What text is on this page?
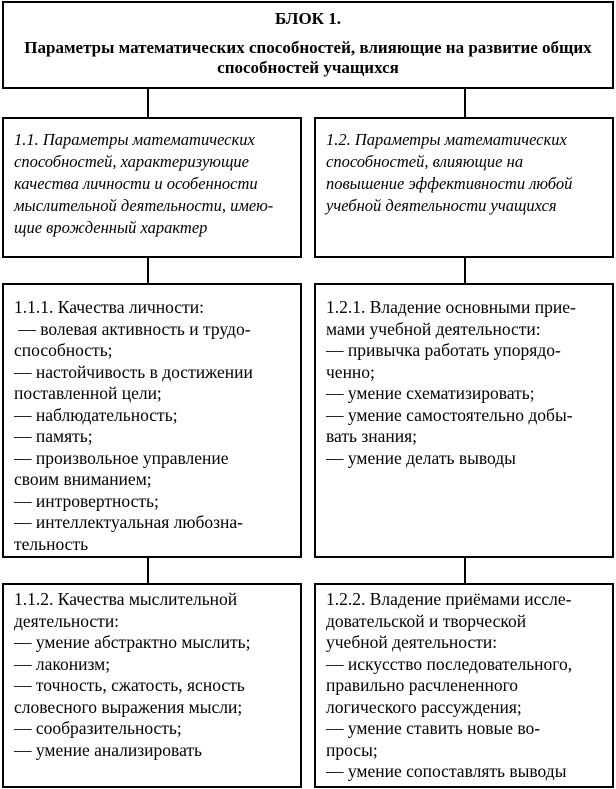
БЛОК 1.
Параметры математических способностей, влияющие на развитие общих способностей учащихся
1.1. Параметры математических
способностей, характеризующие
качества личности и особенности
мыслительной деятельности, имею-
щие врожденный характер
1.2. Параметры математических
способностей, влияющие на
повышение эффективности любой
учебной деятельности учащихся
1.1.1. Качества личности:
— волевая активность и трудо-
способность;
— настойчивость в достижении
поставленной цели;
— наблюдательность;
— память;
— произвольное управление
своим вниманием;
— интровертность;
— интеллектуальная любозна-
тельность
1.2.1. Владение основными прие-
мами учебной деятельности:
— привычка работать упорядо-
ченно;
— умение схематизировать;
— умение самостоятельно добы-
вать знания;
— умение делать выводы
1.1.2. Качества мыслительной
деятельности:
— умение абстрактно мыслить;
— лаконизм;
— точность, сжатость, ясность
словесного выражения мысли;
— сообразительность;
— умение анализировать
1.2.2. Владение приёмами иссле-
довательской и творческой
учебной деятельности:
— искусство последовательного,
правильно расчлененного
логического рассуждения;
— умение ставить новые во-
просы;
— умение сопоставлять выводы
